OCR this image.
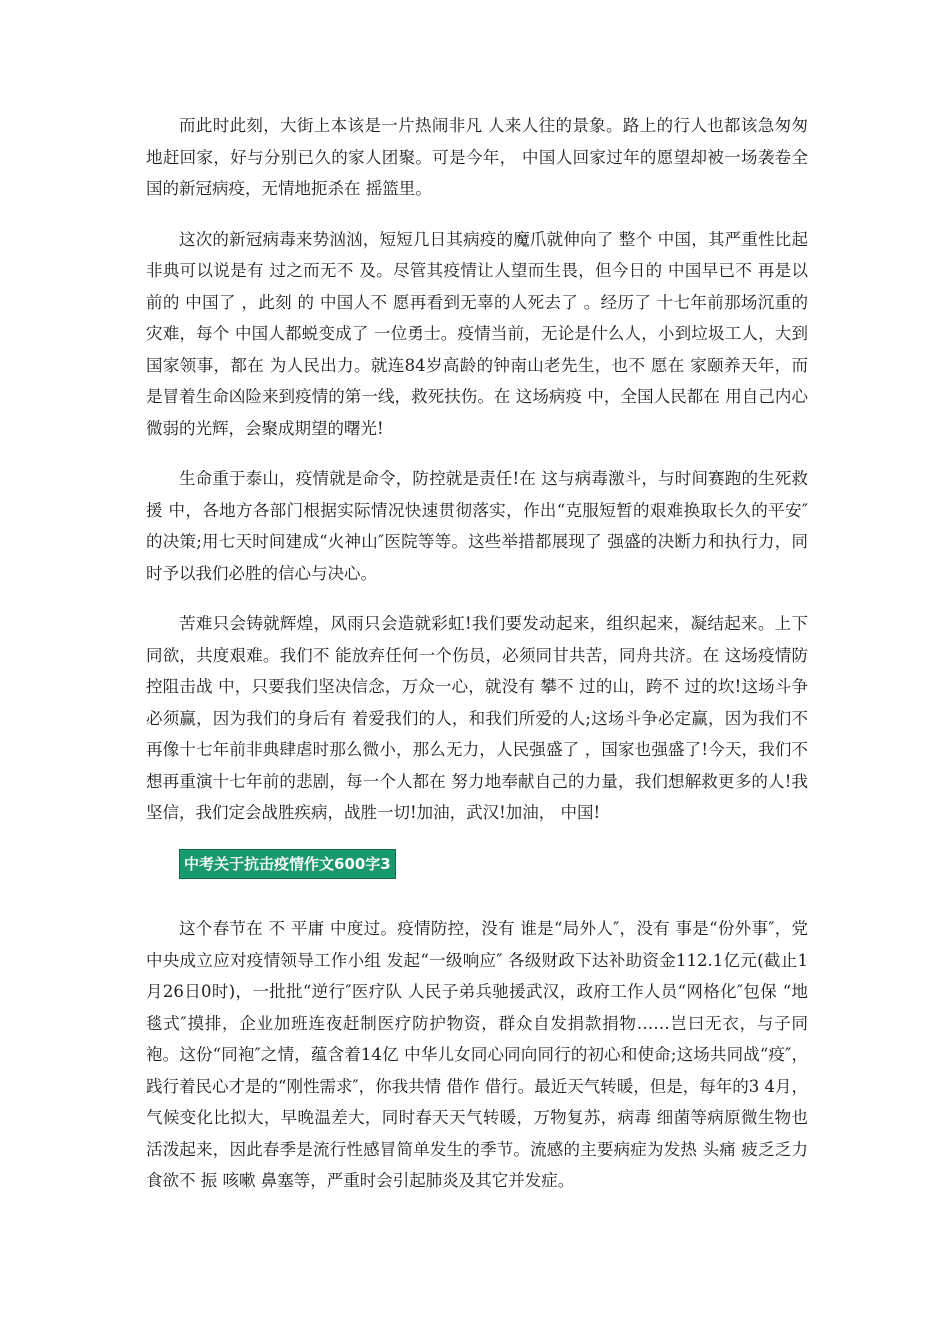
而此时此刻，大街上本该是一片热闹非凡 人来人往的景象。路上的行人也都该急匆匆地赶回家，好与分别已久的家人团聚。可是今年， 中国人回家过年的愿望却被一场袭卷全国的新冠病疫，无情地扼杀在 摇篮里。

这次的新冠病毒来势汹汹，短短几日其病疫的魔爪就伸向了 整个 中国，其严重性比起非典可以说是有 过之而无不 及。尽管其疫情让人望而生畏，但今日的 中国早已不 再是以前的 中国了 ，此刻 的 中国人不 愿再看到无辜的人死去了 。经历了 十七年前那场沉重的灾难，每个 中国人都蜕变成了 一位勇士。疫情当前，无论是什么人，小到垃圾工人，大到国家领事，都在 为人民出力。就连84岁高龄的钟南山老先生，也不 愿在 家颐养天年，而是冒着生命凶险来到疫情的第一线，救死扶伤。在 这场病疫 中，全国人民都在 用自己内心微弱的光辉，会聚成期望的曙光!

生命重于泰山，疫情就是命令，防控就是责任!在 这与病毒激斗，与时间赛跑的生死救援 中，各地方各部门根据实际情况快速贯彻落实，作出“克服短暂的艰难换取长久的平安″的决策;用七天时间建成“火神山″医院等等。这些举措都展现了 强盛的决断力和执行力，同时予以我们必胜的信心与决心。

苦难只会铸就辉煌，风雨只会造就彩虹!我们要发动起来，组织起来，凝结起来。上下同欲，共度艰难。我们不 能放弃任何一个伤员，必须同甘共苦，同舟共济。在 这场疫情防控阻击战 中，只要我们坚决信念，万众一心，就没有 攀不 过的山，跨不 过的坎!这场斗争必须赢，因为我们的身后有 着爱我们的人，和我们所爱的人;这场斗争必定赢，因为我们不 再像十七年前非典肆虐时那么微小，那么无力，人民强盛了 ，国家也强盛了!今天，我们不 想再重演十七年前的悲剧，每一个人都在 努力地奉献自己的力量，我们想解救更多的人!我坚信，我们定会战胜疾病，战胜一切!加油，武汉!加油， 中国!

中考关于抗击疫情作文600字3

这个春节在 不 平庸 中度过。疫情防控，没有 谁是“局外人″，没有 事是“份外事″，党 中央成立应对疫情领导工作小组 发起“一级响应″ 各级财政下达补助资金112.1亿元(截止1月26日0时)，一批批“逆行″医疗队 人民子弟兵驰援武汉，政府工作人员“网格化″包保 “地毯式″摸排，企业加班连夜赶制医疗防护物资，群众自发捐款捐物……岂曰无衣，与子同袍。这份“同袍″之情，蕴含着14亿 中华儿女同心同向同行的初心和使命;这场共同战“疫″，践行着民心才是的“刚性需求″，你我共情 借作 借行。最近天气转暖，但是，每年的3 4月，气候变化比拟大，早晚温差大，同时春天天气转暖，万物复苏，病毒 细菌等病原微生物也活泼起来，因此春季是流行性感冒简单发生的季节。流感的主要病症为发热 头痛 疲乏乏力 食欲不 振 咳嗽 鼻塞等，严重时会引起肺炎及其它并发症。
